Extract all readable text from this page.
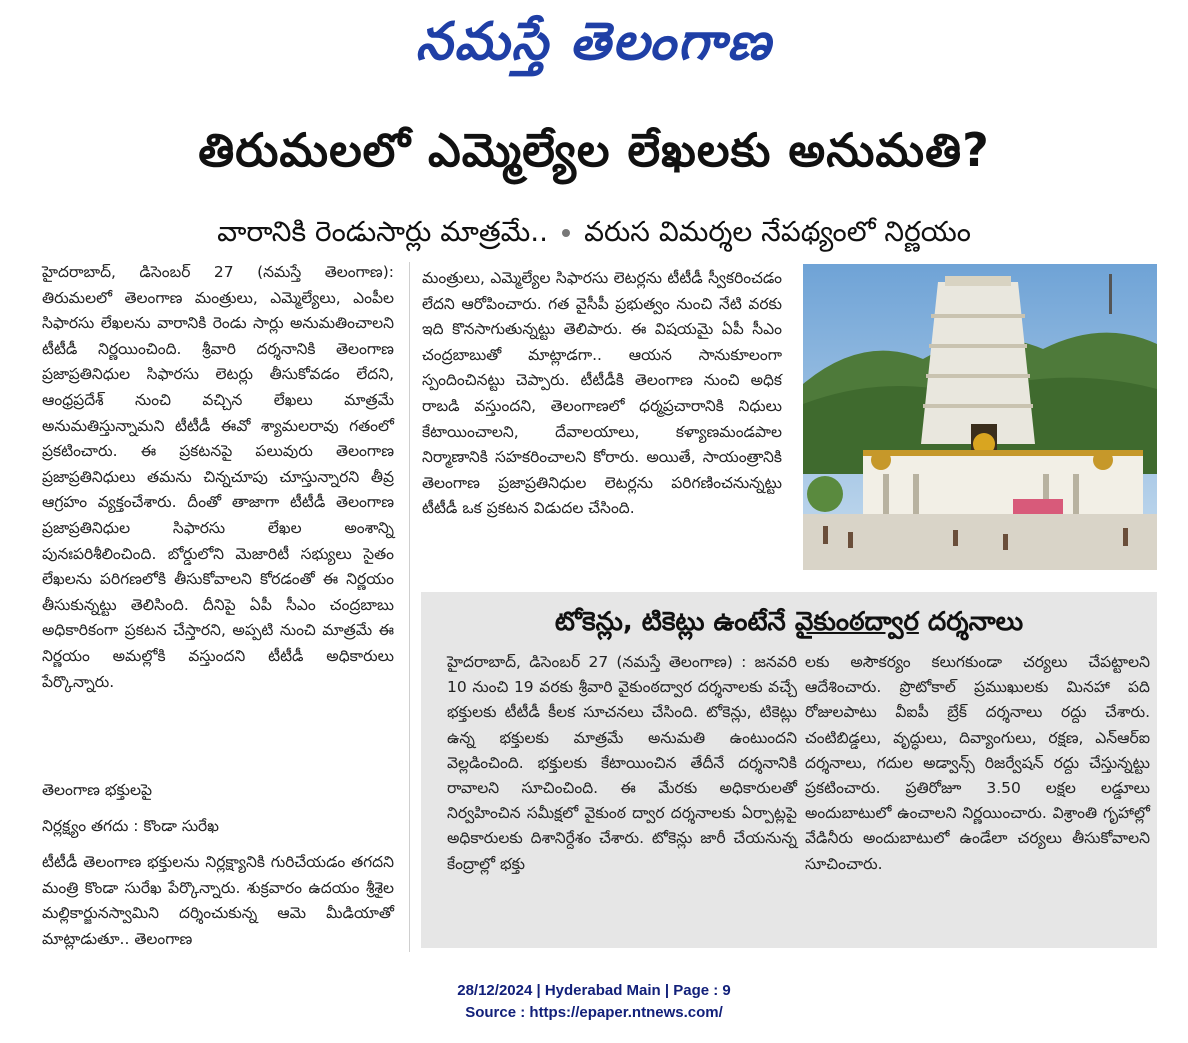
నమస్తే తెలంగాణ
తిరుమలలో ఎమ్మెల్యేల లేఖలకు అనుమతి?
వారానికి రెండుసార్లు మాత్రమే.. వరుస విమర్శల నేపథ్యంలో నిర్ణయం
హైదరాబాద్, డిసెంబర్ 27 (నమస్తే తెలంగాణ): తిరుమలలో తెలంగాణ మంత్రులు, ఎమ్మెల్యేలు, ఎంపీల సిఫారసు లేఖలను వారానికి రెండు సార్లు అనుమతించాలని టీటీడీ నిర్ణయించింది. శ్రీవారి దర్శనానికి తెలంగాణ ప్రజాప్రతినిధుల సిఫారసు లెటర్లు తీసుకోవడం లేదని, ఆంధ్రప్రదేశ్ నుంచి వచ్చిన లేఖలు మాత్రమే అనుమతిస్తున్నామని టీటీడీ ఈవో శ్యామలరావు గతంలో ప్రకటించారు. ఈ ప్రకటనపై పలువురు తెలంగాణ ప్రజాప్రతినిధులు తమను చిన్నచూపు చూస్తున్నారని తీవ్ర ఆగ్రహం వ్యక్తంచేశారు. దీంతో తాజాగా టీటీడీ తెలంగాణ ప్రజాప్రతినిధుల సిఫారసు లేఖల అంశాన్ని పునఃపరిశీలించింది. బోర్డులోని మెజారిటీ సభ్యులు సైతం లేఖలను పరిగణలోకి తీసుకోవాలని కోరడంతో ఈ నిర్ణయం తీసుకున్నట్టు తెలిసింది. దీనిపై ఏపీ సీఎం చంద్రబాబు అధికారికంగా ప్రకటన చేస్తారని, అప్పటి నుంచి మాత్రమే ఈ నిర్ణయం అమల్లోకి వస్తుందని టీటీడీ అధికారులు పేర్కొన్నారు.
మంత్రులు, ఎమ్మెల్యేల సిఫారసు లెటర్లను టీటీడీ స్వీకరించడం లేదని ఆరోపించారు. గత వైసీపీ ప్రభుత్వం నుంచి నేటి వరకు ఇది కొనసాగుతున్నట్టు తెలిపారు. ఈ విషయమై ఏపీ సీఎం చంద్రబాబుతో మాట్లాడగా.. ఆయన సానుకూలంగా స్పందించినట్టు చెప్పారు. టీటీడీకి తెలంగాణ నుంచి అధిక రాబడి వస్తుందని, తెలంగాణలో ధర్మప్రచారానికి నిధులు కేటాయించాలని, దేవాలయాలు, కళ్యాణమండపాల నిర్మాణానికి సహకరించాలని కోరారు. అయితే, సాయంత్రానికి తెలంగాణ ప్రజాప్రతినిధుల లెటర్లను పరిగణించనున్నట్టు టీటీడీ ఒక ప్రకటన విడుదల చేసింది.
తెలంగాణ భక్తులపై
నిర్లక్ష్యం తగదు : కొండా సురేఖ
టీటీడీ తెలంగాణ భక్తులను నిర్లక్ష్యానికి గురిచేయడం తగదని మంత్రి కొండా సురేఖ పేర్కొన్నారు. శుక్రవారం ఉదయం శ్రీశైల మల్లికార్జునస్వామిని దర్శించుకున్న ఆమె మీడియాతో మాట్లాడుతూ.. తెలంగాణ
టోకెన్లు, టికెట్లు ఉంటేనే వైకుంఠద్వార దర్శనాలు
హైదరాబాద్, డిసెంబర్ 27 (నమస్తే తెలంగాణ) : జనవరి 10 నుంచి 19 వరకు శ్రీవారి వైకుంఠద్వార దర్శనాలకు వచ్చే భక్తులకు టీటీడీ కీలక సూచనలు చేసింది. టోకెన్లు, టికెట్లు ఉన్న భక్తులకు మాత్రమే అనుమతి ఉంటుందని వెల్లడించింది. భక్తులకు కేటాయించిన తేదీనే దర్శనానికి రావాలని సూచించింది. ఈ మేరకు అధికారులతో నిర్వహించిన సమీక్షలో వైకుంఠ ద్వార దర్శనాలకు ఏర్పాట్లపై అధికారులకు దిశానిర్దేశం చేశారు. టోకెన్లు జారీ చేయనున్న కేంద్రాల్లో భక్తు
లకు అసౌకర్యం కలుగకుండా చర్యలు చేపట్టాలని ఆదేశించారు. ప్రొటోకాల్ ప్రముఖులకు మినహా పది రోజులపాటు వీఐపీ బ్రేక్ దర్శనాలు రద్దు చేశారు. చంటిబిడ్డలు, వృద్ధులు, దివ్యాంగులు, రక్షణ, ఎన్ఆర్ఐ దర్శనాలు, గదుల అడ్వాన్స్ రిజర్వేషన్ రద్దు చేస్తున్నట్టు ప్రకటించారు. ప్రతిరోజూ 3.50 లక్షల లడ్డూలు అందుబాటులో ఉంచాలని నిర్ణయించారు. విశ్రాంతి గృహాల్లో వేడినీరు అందుబాటులో ఉండేలా చర్యలు తీసుకోవాలని సూచించారు.
28/12/2024 | Hyderabad Main | Page : 9
Source : https://epaper.ntnews.com/
